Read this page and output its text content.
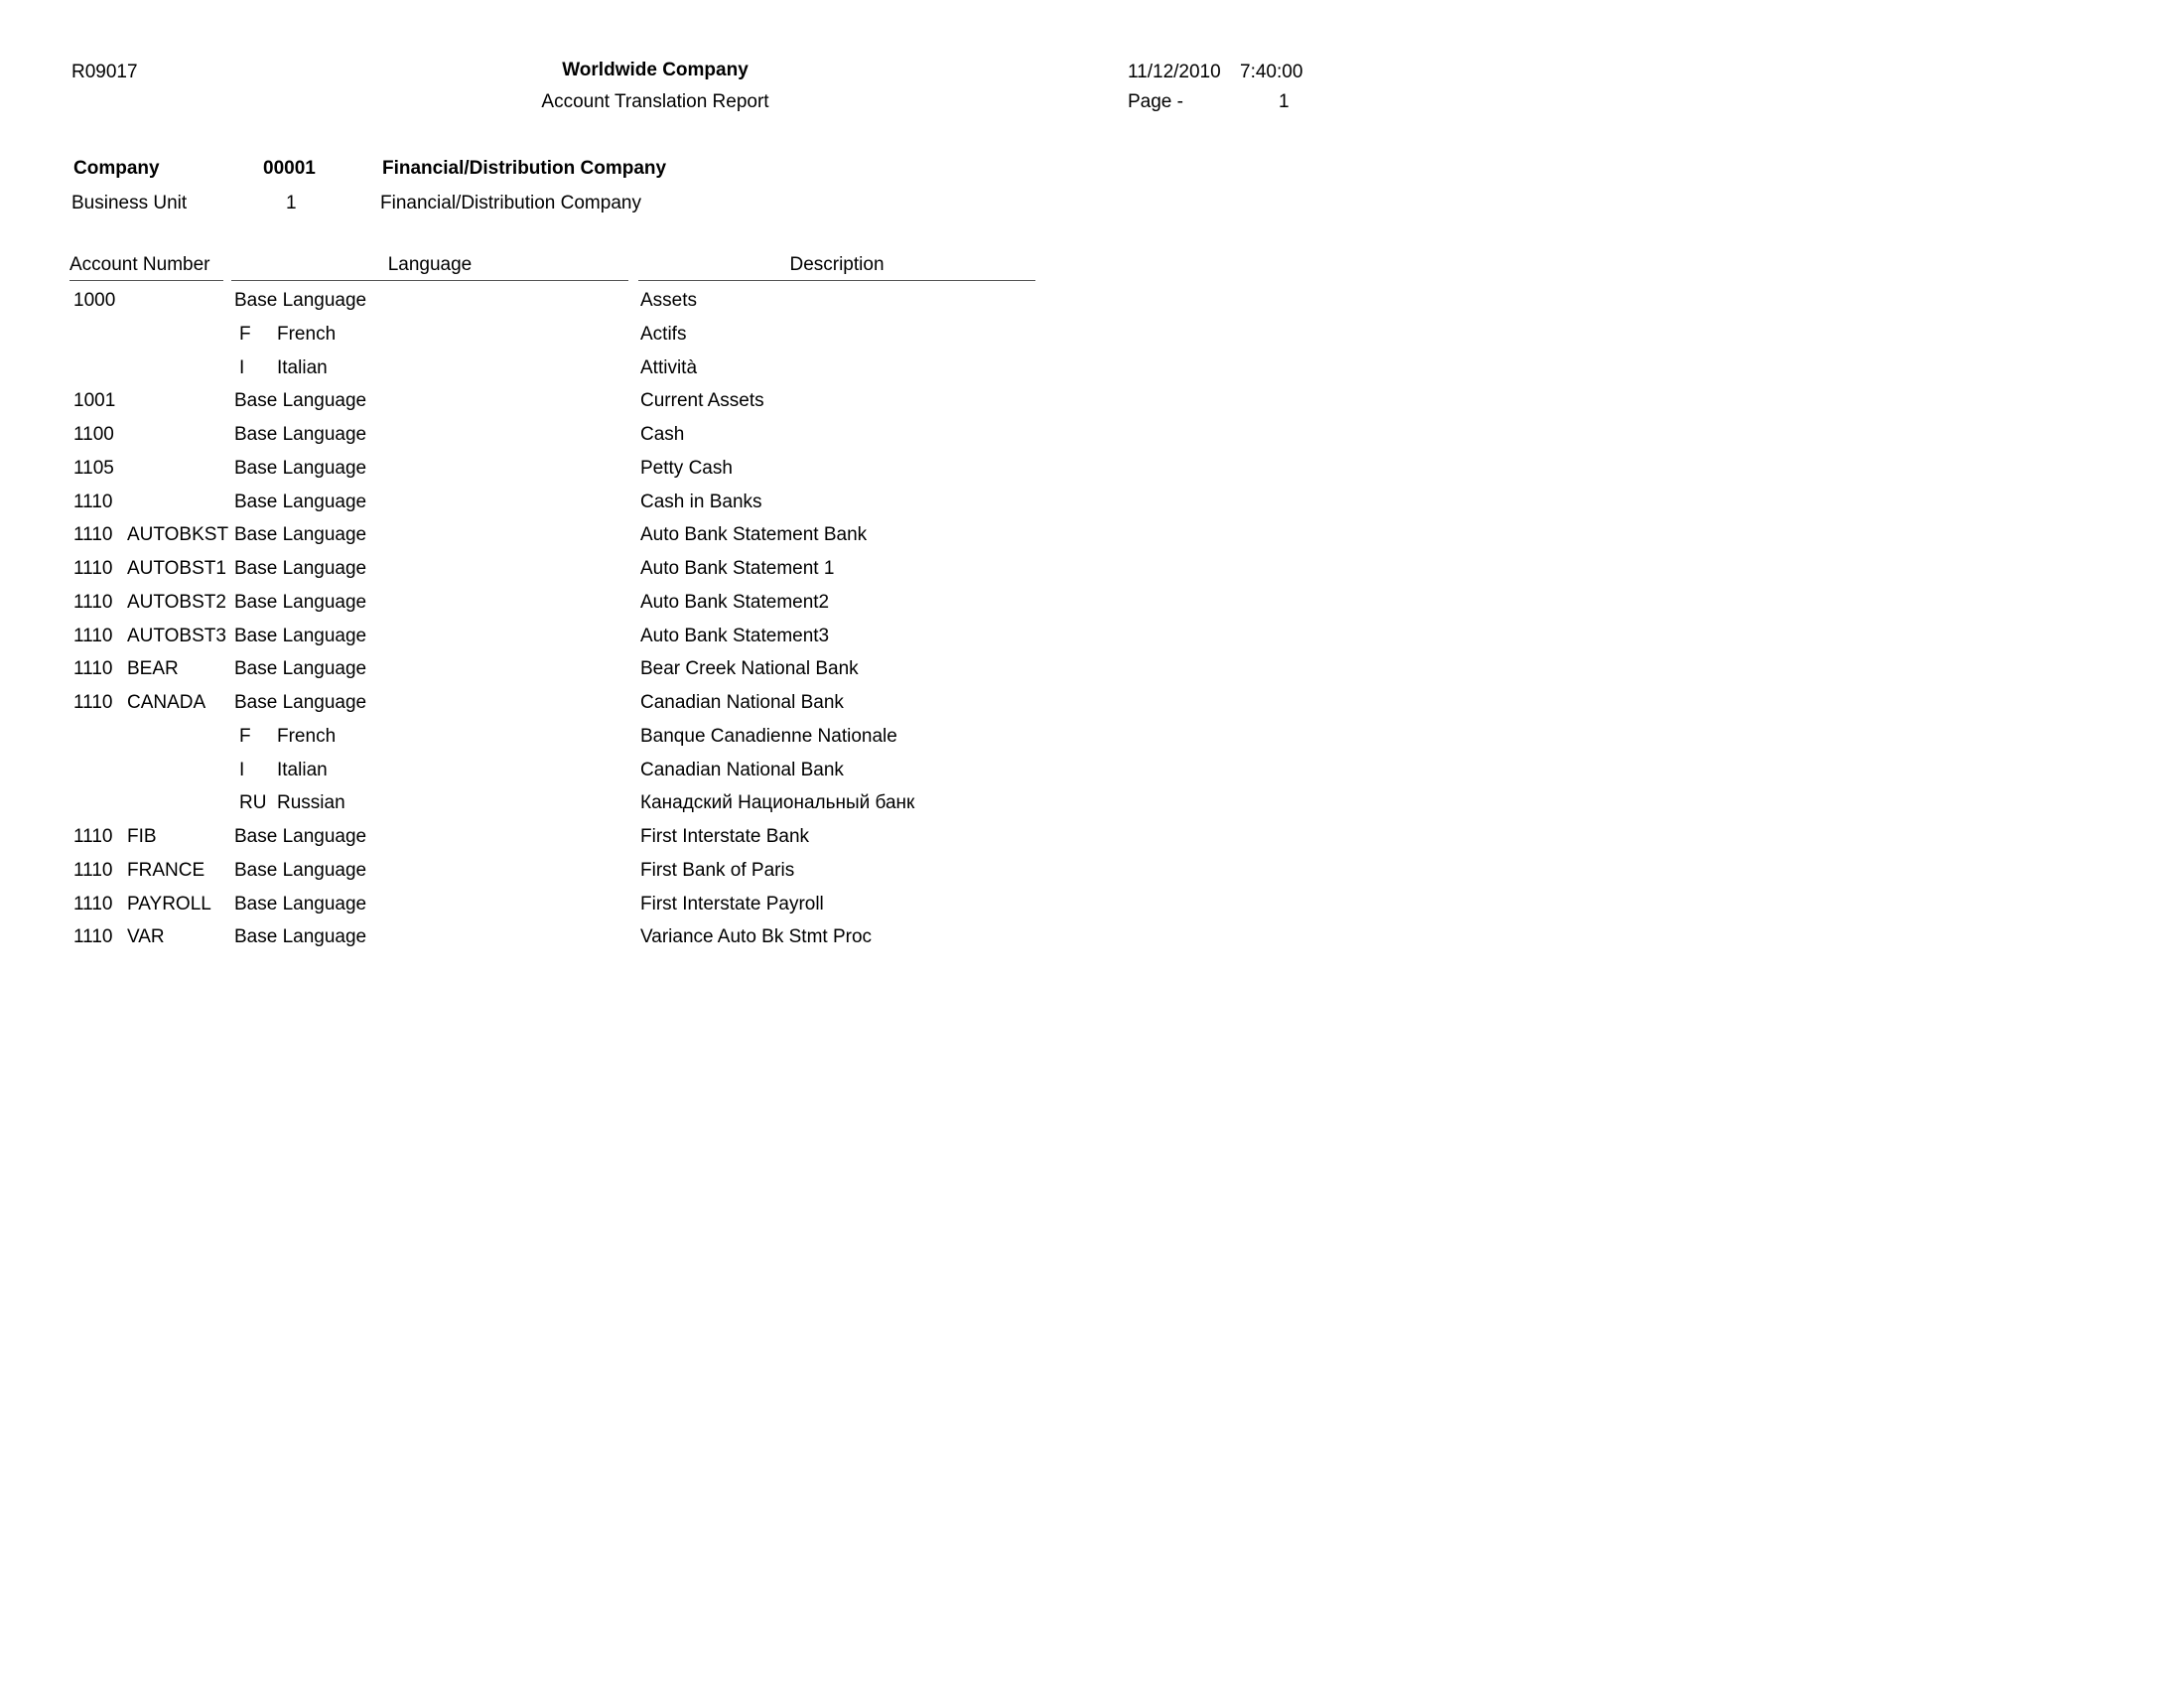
R09017	Worldwide Company
Account Translation Report
11/12/2010 7:40:00
Page -	1
Company	00001	Financial/Distribution Company
Business Unit	1	Financial/Distribution Company
Account Number	Language	Description
1000	Base Language	Assets
F French	Actifs
I Italian	Attività
1001	Base Language	Current Assets
1100	Base Language	Cash
1105	Base Language	Petty Cash
1110	Base Language	Cash in Banks
1110 AUTOBKST Base Language	Auto Bank Statement Bank
1110 AUTOBST1 Base Language	Auto Bank Statement 1
1110 AUTOBST2 Base Language	Auto Bank Statement2
1110 AUTOBST3 Base Language	Auto Bank Statement3
1110 BEAR	Base Language	Bear Creek National Bank
1110 CANADA Base Language	Canadian National Bank
F French	Banque Canadienne Nationale
I Italian	Canadian National Bank
RU Russian	Канадский Национальный банк
1110 FIB	Base Language	First Interstate Bank
1110 FRANCE Base Language	First Bank of Paris
1110 PAYROLL Base Language	First Interstate Payroll
1110 VAR	Base Language	Variance Auto Bk Stmt Proc
